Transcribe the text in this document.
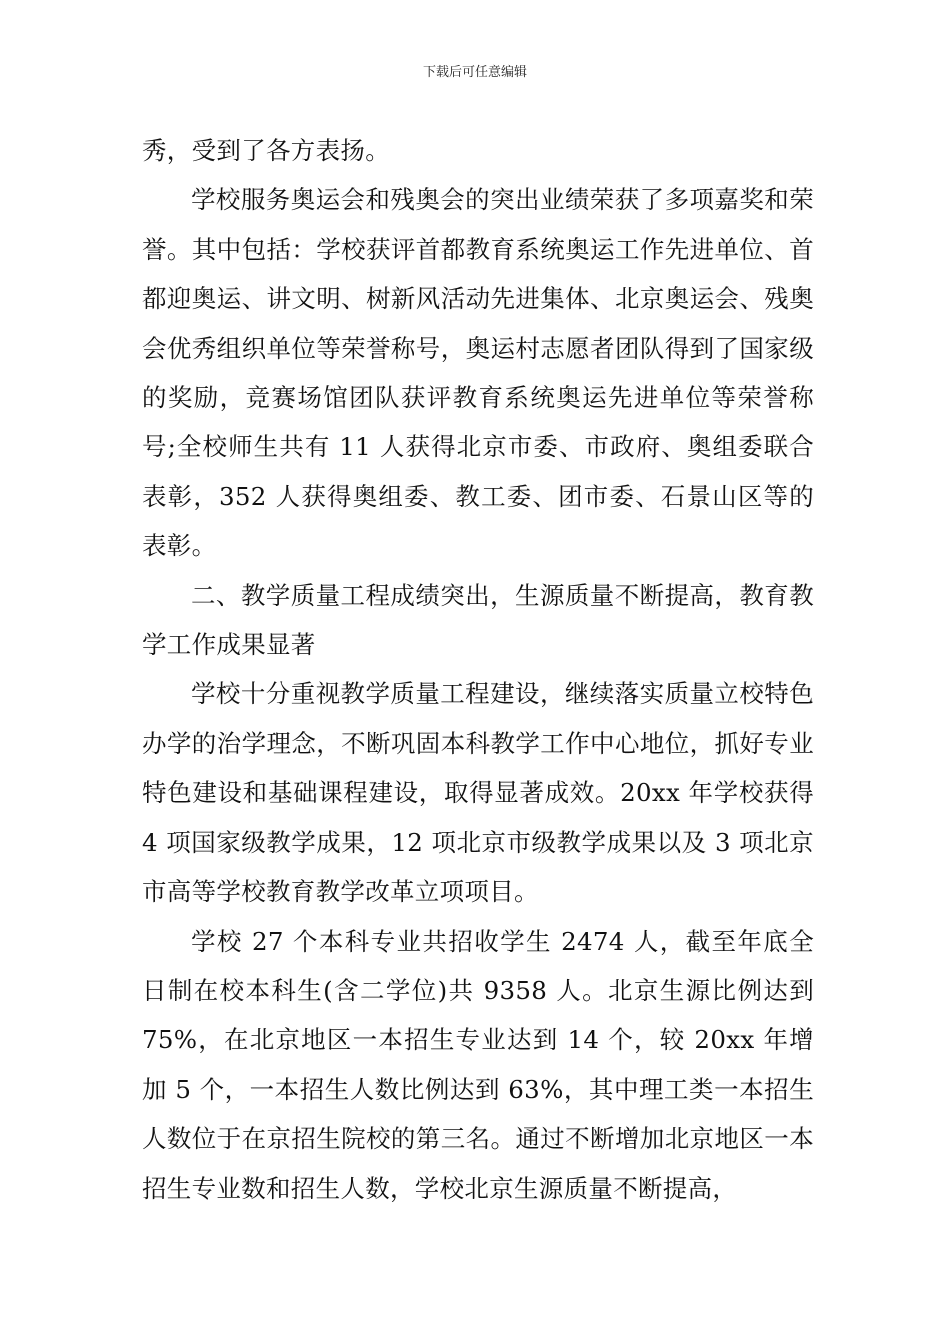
下载后可任意编辑

秀，受到了各方表扬。

学校服务奥运会和残奥会的突出业绩荣获了多项嘉奖和荣誉。其中包括：学校获评首都教育系统奥运工作先进单位、首都迎奥运、讲文明、树新风活动先进集体、北京奥运会、残奥会优秀组织单位等荣誉称号，奥运村志愿者团队得到了国家级的奖励，竞赛场馆团队获评教育系统奥运先进单位等荣誉称号;全校师生共有 11 人获得北京市委、市政府、奥组委联合表彰，352 人获得奥组委、教工委、团市委、石景山区等的表彰。

二、教学质量工程成绩突出，生源质量不断提高，教育教学工作成果显著

学校十分重视教学质量工程建设，继续落实质量立校特色办学的治学理念，不断巩固本科教学工作中心地位，抓好专业特色建设和基础课程建设，取得显著成效。20xx 年学校获得 4 项国家级教学成果，12 项北京市级教学成果以及 3 项北京市高等学校教育教学改革立项项目。

学校 27 个本科专业共招收学生 2474 人，截至年底全日制在校本科生(含二学位)共 9358 人。北京生源比例达到 75%，在北京地区一本招生专业达到 14 个，较 20xx 年增加 5 个，一本招生人数比例达到 63%，其中理工类一本招生人数位于在京招生院校的第三名。通过不断增加北京地区一本招生专业数和招生人数，学校北京生源质量不断提高，
